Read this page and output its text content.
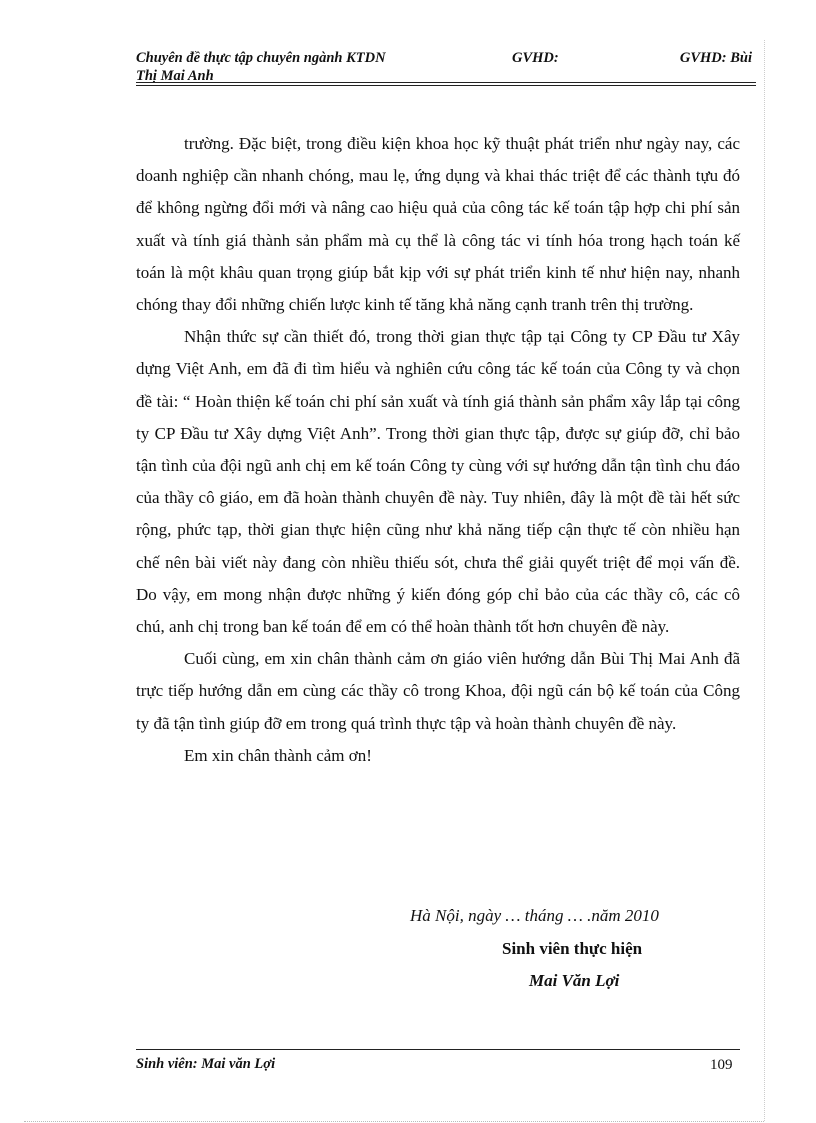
Chuyên đề thực tập chuyên ngành KTDN	GVHD:	GVHD: Bùi
Thị Mai Anh

trường. Đặc biệt, trong điều kiện khoa học kỹ thuật phát triển như ngày nay, các doanh nghiệp cần nhanh chóng, mau lẹ, ứng dụng và khai thác triệt để các thành tựu đó để không ngừng đổi mới và nâng cao hiệu quả của công tác kế toán tập hợp chi phí sản xuất và tính giá thành sản phẩm mà cụ thể là công tác vi tính hóa trong hạch toán kế toán là một khâu quan trọng giúp bắt kịp với sự phát triển kinh tế như hiện nay, nhanh chóng thay đổi những chiến lược kinh tế tăng khả năng cạnh tranh trên thị trường.

Nhận thức sự cần thiết đó, trong thời gian thực tập tại Công ty CP Đầu tư Xây dựng Việt Anh, em đã đi tìm hiểu và nghiên cứu công tác kế toán của Công ty và chọn đề tài: “ Hoàn thiện kế toán chi phí sản xuất và tính giá thành sản phẩm xây lắp tại công ty CP Đầu tư Xây dựng Việt Anh”. Trong thời gian thực tập, được sự giúp đỡ, chỉ bảo tận tình của đội ngũ anh chị em kế toán Công ty cùng với sự hướng dẫn tận tình chu đáo của thầy cô giáo, em đã hoàn thành chuyên đề này. Tuy nhiên, đây là một đề tài hết sức rộng, phức tạp, thời gian thực hiện cũng như khả năng tiếp cận thực tế còn nhiều hạn chế nên bài viết này đang còn nhiều thiếu sót, chưa thể giải quyết triệt để mọi vấn đề. Do vậy, em mong nhận được những ý kiến đóng góp chỉ bảo của các thầy cô, các cô chú, anh chị trong ban kế toán để em có thể hoàn thành tốt hơn chuyên đề này.

Cuối cùng, em xin chân thành cảm ơn giáo viên hướng dẫn Bùi Thị Mai Anh đã trực tiếp hướng dẫn em cùng các thầy cô trong Khoa, đội ngũ cán bộ kế toán của Công ty đã tận tình giúp đỡ em trong quá trình thực tập và hoàn thành chuyên đề này.

Em xin chân thành cảm ơn!

Hà Nội, ngày … tháng … .năm 2010
Sinh viên thực hiện
Mai Văn Lợi
Sinh viên: Mai văn Lợi	109
